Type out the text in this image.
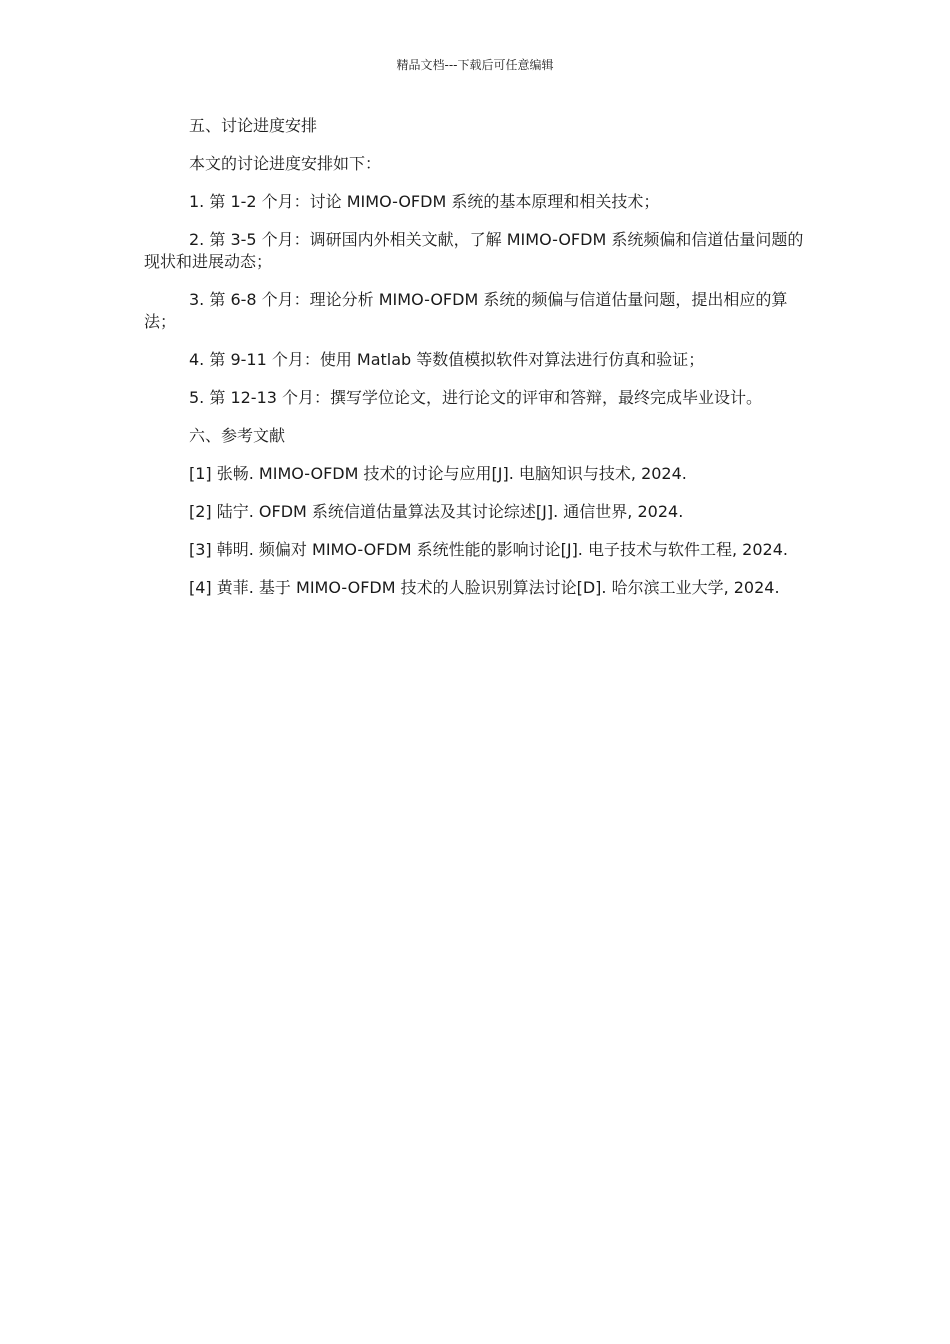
精品文档---下载后可任意编辑

五、讨论进度安排

本文的讨论进度安排如下：

1. 第 1-2 个月：讨论 MIMO-OFDM 系统的基本原理和相关技术；

2. 第 3-5 个月：调研国内外相关文献，了解 MIMO-OFDM 系统频偏和信道估量问题的现状和进展动态；

3. 第 6-8 个月：理论分析 MIMO-OFDM 系统的频偏与信道估量问题，提出相应的算法；

4. 第 9-11 个月：使用 Matlab 等数值模拟软件对算法进行仿真和验证；

5. 第 12-13 个月：撰写学位论文，进行论文的评审和答辩，最终完成毕业设计。

六、参考文献

[1] 张畅. MIMO-OFDM 技术的讨论与应用[J]. 电脑知识与技术, 2024.

[2] 陆宁. OFDM 系统信道估量算法及其讨论综述[J]. 通信世界, 2024.

[3] 韩明. 频偏对 MIMO-OFDM 系统性能的影响讨论[J]. 电子技术与软件工程, 2024.

[4] 黄菲. 基于 MIMO-OFDM 技术的人脸识别算法讨论[D]. 哈尔滨工业大学, 2024.
